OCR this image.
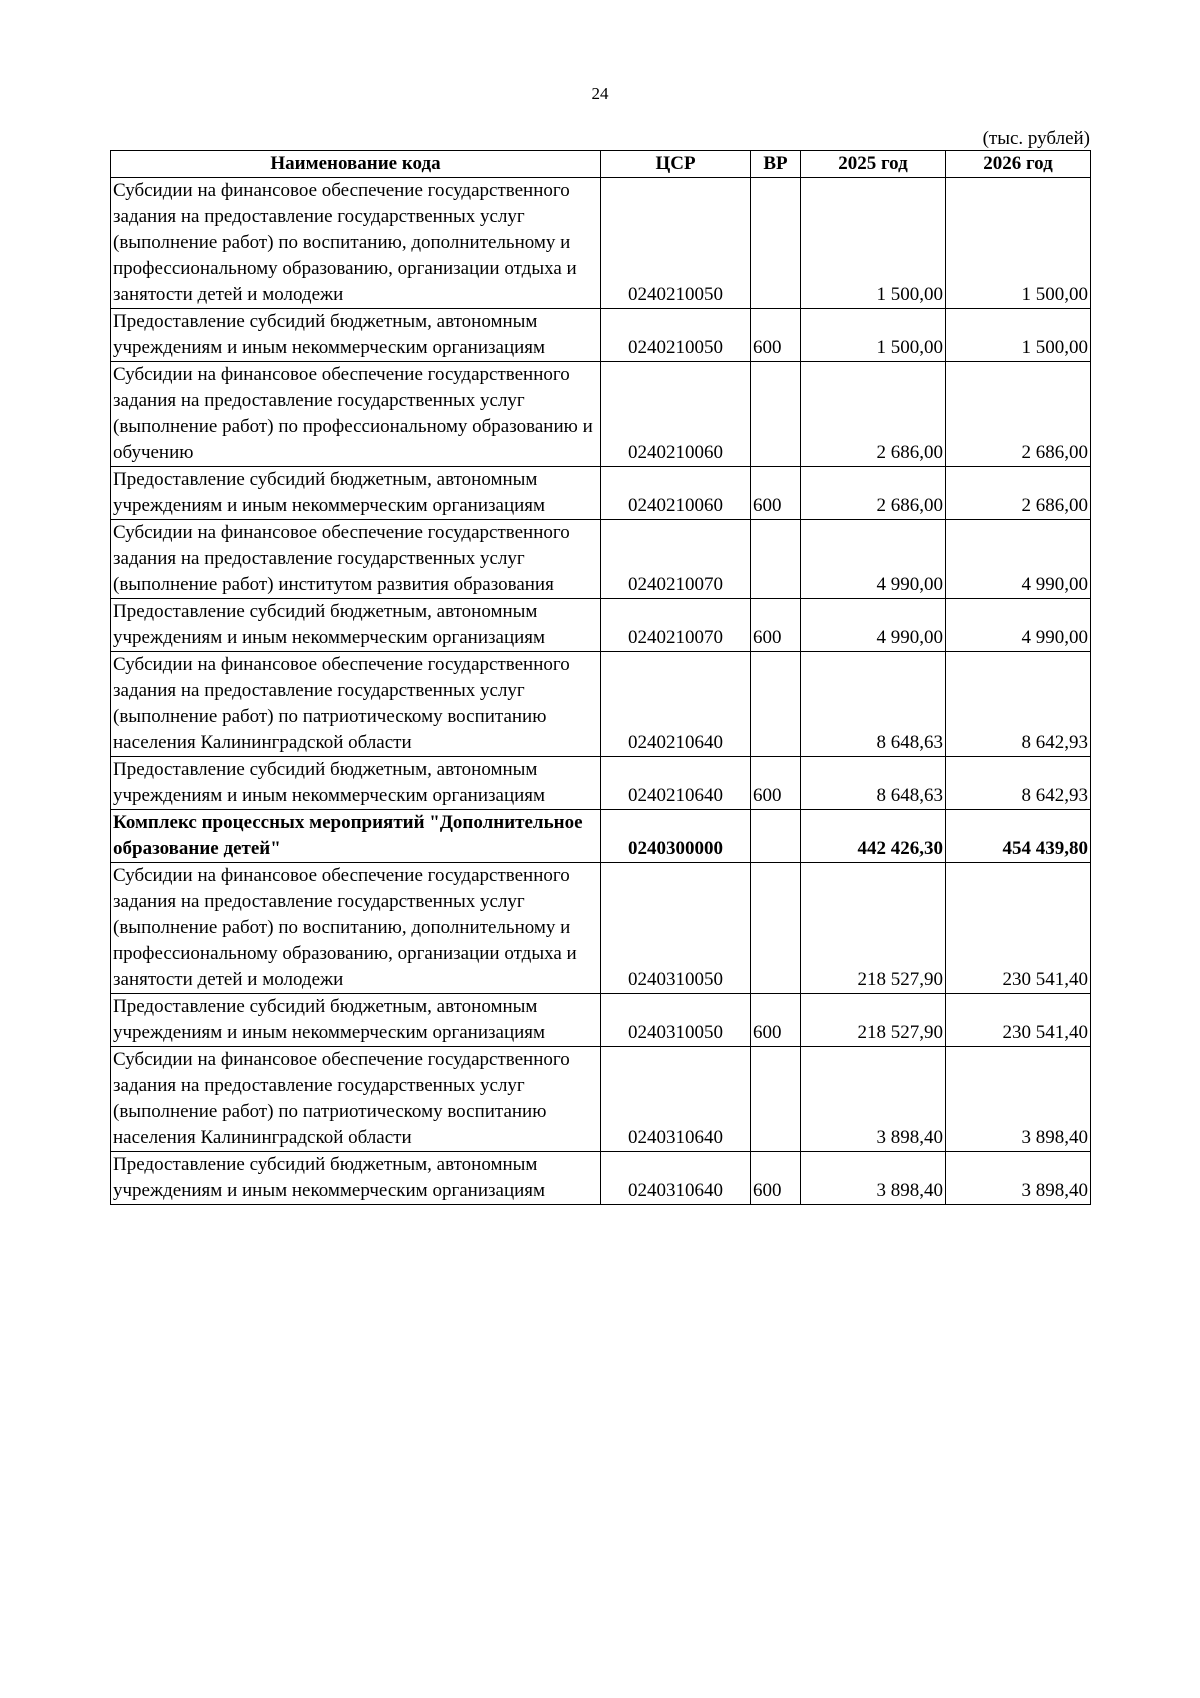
24
(тыс. рублей)
Наименование кода	ЦСР	ВР	2025 год	2026 год
Субсидии на финансовое обеспечение государственного задания на предоставление государственных услуг (выполнение работ) по воспитанию, дополнительному и профессиональному образованию, организации отдыха и занятости детей и молодежи	0240210050		1 500,00	1 500,00
Предоставление субсидий бюджетным, автономным учреждениям и иным некоммерческим организациям	0240210050	600	1 500,00	1 500,00
Субсидии на финансовое обеспечение государственного задания на предоставление государственных услуг (выполнение работ) по профессиональному образованию и обучению	0240210060		2 686,00	2 686,00
Предоставление субсидий бюджетным, автономным учреждениям и иным некоммерческим организациям	0240210060	600	2 686,00	2 686,00
Субсидии на финансовое обеспечение государственного задания на предоставление государственных услуг (выполнение работ) институтом развития образования	0240210070		4 990,00	4 990,00
Предоставление субсидий бюджетным, автономным учреждениям и иным некоммерческим организациям	0240210070	600	4 990,00	4 990,00
Субсидии на финансовое обеспечение государственного задания на предоставление государственных услуг (выполнение работ) по патриотическому воспитанию населения Калининградской области	0240210640		8 648,63	8 642,93
Предоставление субсидий бюджетным, автономным учреждениям и иным некоммерческим организациям	0240210640	600	8 648,63	8 642,93
Комплекс процессных мероприятий "Дополнительное образование детей"	0240300000		442 426,30	454 439,80
Субсидии на финансовое обеспечение государственного задания на предоставление государственных услуг (выполнение работ) по воспитанию, дополнительному и профессиональному образованию, организации отдыха и занятости детей и молодежи	0240310050		218 527,90	230 541,40
Предоставление субсидий бюджетным, автономным учреждениям и иным некоммерческим организациям	0240310050	600	218 527,90	230 541,40
Субсидии на финансовое обеспечение государственного задания на предоставление государственных услуг (выполнение работ) по патриотическому воспитанию населения Калининградской области	0240310640		3 898,40	3 898,40
Предоставление субсидий бюджетным, автономным учреждениям и иным некоммерческим организациям	0240310640	600	3 898,40	3 898,40
